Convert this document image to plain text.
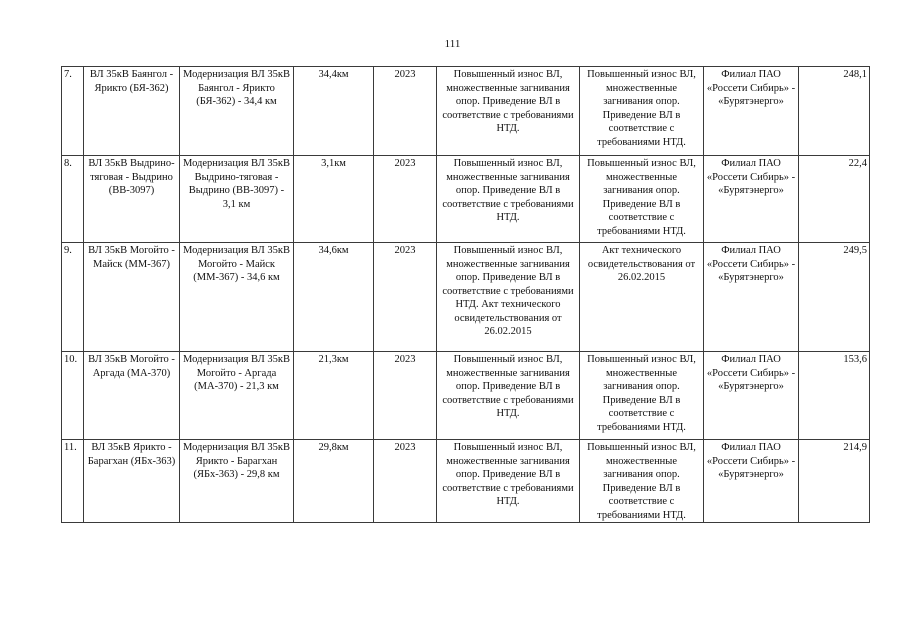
111
7.	ВЛ 35кВ Баянгол - Ярикто (БЯ-362)	Модернизация ВЛ 35кВ Баянгол - Ярикто (БЯ-362) - 34,4 км	34,4км	2023	Повышенный износ ВЛ, множественные загнивания опор. Приведение ВЛ в соответствие с требованиями НТД.	Повышенный износ ВЛ, множественные загнивания опор. Приведение ВЛ в соответствие с требованиями НТД.	Филиал ПАО «Россети Сибирь» - «Бурятэнерго»	248,1
8.	ВЛ 35кВ Выдрино-тяговая - Выдрино (ВВ-3097)	Модернизация ВЛ 35кВ Выдрино-тяговая - Выдрино (ВВ-3097) - 3,1 км	3,1км	2023	Повышенный износ ВЛ, множественные загнивания опор. Приведение ВЛ в соответствие с требованиями НТД.	Повышенный износ ВЛ, множественные загнивания опор. Приведение ВЛ в соответствие с требованиями НТД.	Филиал ПАО «Россети Сибирь» - «Бурятэнерго»	22,4
9.	ВЛ 35кВ Могойто - Майск (ММ-367)	Модернизация ВЛ 35кВ Могойто - Майск (ММ-367) - 34,6 км	34,6км	2023	Повышенный износ ВЛ, множественные загнивания опор. Приведение ВЛ в соответствие с требованиями НТД. Акт технического освидетельствования от 26.02.2015	Акт технического освидетельствования от 26.02.2015	Филиал ПАО «Россети Сибирь» - «Бурятэнерго»	249,5
10.	ВЛ 35кВ Могойто - Аргада (МА-370)	Модернизация ВЛ 35кВ Могойто - Аргада (МА-370) - 21,3 км	21,3км	2023	Повышенный износ ВЛ, множественные загнивания опор. Приведение ВЛ в соответствие с требованиями НТД.	Повышенный износ ВЛ, множественные загнивания опор. Приведение ВЛ в соответствие с требованиями НТД.	Филиал ПАО «Россети Сибирь» - «Бурятэнерго»	153,6
11.	ВЛ 35кВ Ярикто - Барагхан (ЯБх-363)	Модернизация ВЛ 35кВ Ярикто - Барагхан (ЯБх-363) - 29,8 км	29,8км	2023	Повышенный износ ВЛ, множественные загнивания опор. Приведение ВЛ в соответствие с требованиями НТД.	Повышенный износ ВЛ, множественные загнивания опор. Приведение ВЛ в соответствие с требованиями НТД.	Филиал ПАО «Россети Сибирь» - «Бурятэнерго»	214,9
